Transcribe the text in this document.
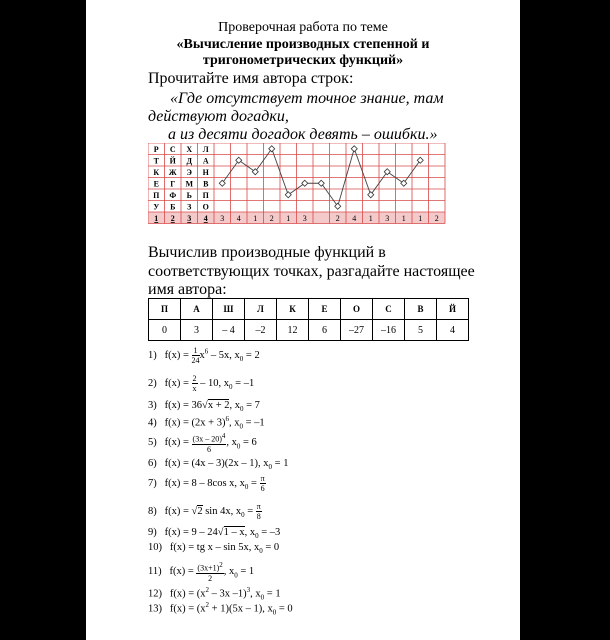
Проверочная работа по теме
«Вычисление производных степенной и
тригонометрических функций»
Прочитайте имя автора строк:
«Где отсутствует точное знание, там
действуют догадки,
а из десяти догадок девять – ошибки.»
Р С Х Л
Т Й Д А
К Ж Э Н
Е Г М В
П Ф Ь П
У Б З О
1 2 3 4 3 4 1 2 1 3	2 4 1 3 1 1 2
Вычислив производные функций в
соответствующих точках, разгадайте настоящее
имя автора:
П	А	Ш	Л	К	Е	О	С	В	Й
0	3	– 4	–2	12	6	–27	–16	5	4
1) $f(x) = \frac{1}{24} x^6 - 5x$, $x_0 = 2$
2) $f(x) = \frac{2}{x} - 10$, $x_0 = -1$
3) f(x) = 36√x + 2, $x_0 = 7$
4) $f(x) = (2x + 3)^6$, $x_0 = -1$
5) $f(x) = \frac{(3x - 20)^4}{6}$ , $x_0 = 6$
6) f(x) = (4x – 3)(2x – 1), $x_0 = 1$
7) f(x) = 8 – 8cos x, $x_0 = \frac{\pi}{6}$
8) f(x) = √2 sin 4x, $x_0 = \frac{\pi}{8}$
9) f(x) = 9 – 24√1 – x, $x_0 = -3$
10) f(x) = tg x – sin 5x, $x_0 = 0$
11) $f(x) = \frac{(3x+1)^2}{2}$ , $x_0 = 1$
12) $f(x) = (x^2 - 3x$ –1)$^3$, $x_0 = 1$
13) $f(x) = (x^2 + 1)(5x - 1)$, $x_0 = 0$
